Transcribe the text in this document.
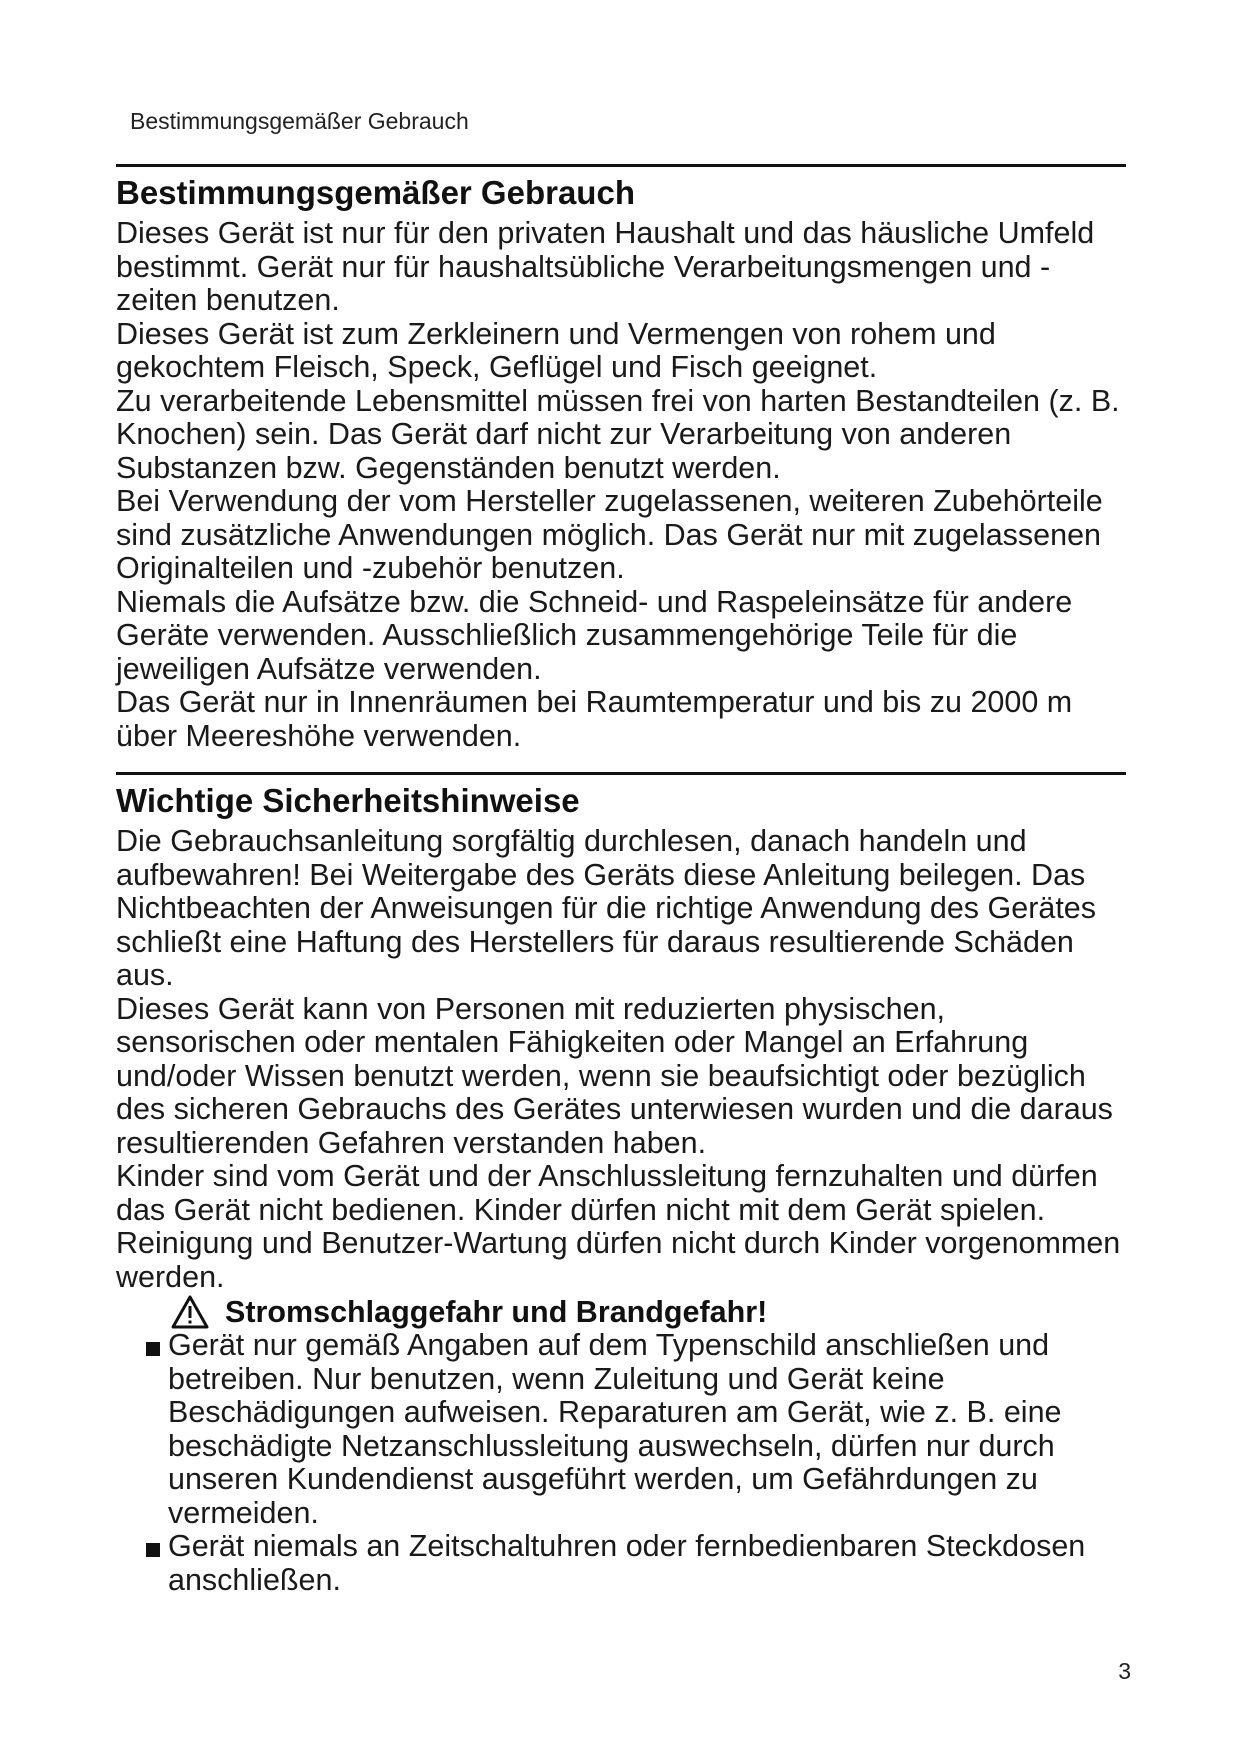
Bestimmungsgemäßer Gebrauch
Bestimmungsgemäßer Gebrauch

Dieses Gerät ist nur für den privaten Haushalt und das häusliche Umfeld bestimmt. Gerät nur für haushaltsübliche Verarbeitungsmengen und -zeiten benutzen.

Dieses Gerät ist zum Zerkleinern und Vermengen von rohem und gekochtem Fleisch, Speck, Geflügel und Fisch geeignet.

Zu verarbeitende Lebensmittel müssen frei von harten Bestandteilen (z. B. Knochen) sein. Das Gerät darf nicht zur Verarbeitung von anderen Substanzen bzw. Gegenständen benutzt werden.

Bei Verwendung der vom Hersteller zugelassenen, weiteren Zubehörteile sind zusätzliche Anwendungen möglich. Das Gerät nur mit zugelassenen Originalteilen und -zubehör benutzen.

Niemals die Aufsätze bzw. die Schneid- und Raspeleinsätze für andere Geräte verwenden. Ausschließlich zusammengehörige Teile für die jeweiligen Aufsätze verwenden.

Das Gerät nur in Innenräumen bei Raumtemperatur und bis zu 2000 m über Meereshöhe verwenden.

Wichtige Sicherheitshinweise

Die Gebrauchsanleitung sorgfältig durchlesen, danach handeln und aufbewahren! Bei Weitergabe des Geräts diese Anleitung beilegen. Das Nichtbeachten der Anweisungen für die richtige Anwendung des Gerätes schließt eine Haftung des Herstellers für daraus resultierende Schäden aus.

Dieses Gerät kann von Personen mit reduzierten physischen, sensorischen oder mentalen Fähigkeiten oder Mangel an Erfahrung und/oder Wissen benutzt werden, wenn sie beaufsichtigt oder bezüglich des sicheren Gebrauchs des Gerätes unterwiesen wurden und die daraus resultierenden Gefahren verstanden haben.

Kinder sind vom Gerät und der Anschlussleitung fernzuhalten und dürfen das Gerät nicht bedienen. Kinder dürfen nicht mit dem Gerät spielen. Reinigung und Benutzer-Wartung dürfen nicht durch Kinder vorgenommen werden.

Stromschlaggefahr und Brandgefahr!
Gerät nur gemäß Angaben auf dem Typenschild anschließen und betreiben. Nur benutzen, wenn Zuleitung und Gerät keine Beschädigungen aufweisen. Reparaturen am Gerät, wie z. B. eine beschädigte Netzanschlussleitung auswechseln, dürfen nur durch unseren Kundendienst ausgeführt werden, um Gefährdungen zu vermeiden.
Gerät niemals an Zeitschaltuhren oder fernbedienbaren Steckdosen anschließen.
3
